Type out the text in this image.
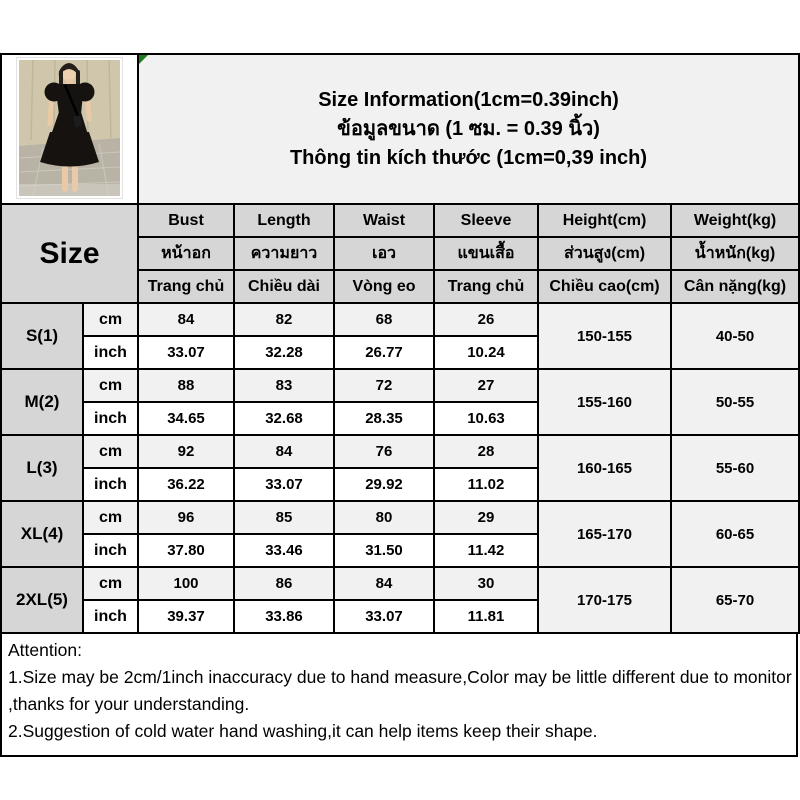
Size Information(1cm=0.39inch)
ข้อมูลขนาด (1 ซม. = 0.39 นิ้ว)
Thông tin kích thước (1cm=0,39 inch)					

Size		Bust	Length	Waist	Sleeve	Height(cm)	Weight(kg)
		หน้าอก	ความยาว	เอว	แขนเสื้อ	ส่วนสูง(cm)	น้ำหนัก(kg)
		Trang chủ	Chiều dài	Vòng eo	Trang chủ	Chiều cao(cm)	Cân nặng(kg)
S(1)	cm	84	82	68	26	150-155	40-50
	inch	33.07	32.28	26.77	10.24		
M(2)	cm	88	83	72	27	155-160	50-55
	inch	34.65	32.68	28.35	10.63		
L(3)	cm	92	84	76	28	160-165	55-60
	inch	36.22	33.07	29.92	11.02		
XL(4)	cm	96	85	80	29	165-170	60-65
	inch	37.80	33.46	31.50	11.42		
2XL(5)	cm	100	86	84	30	170-175	65-70
	inch	39.37	33.86	33.07	11.81		
Attention:
1.Size may be 2cm/1inch inaccuracy due to hand measure,Color may be little different due to monitor
,thanks for your understanding.
2.Suggestion of cold water hand washing,it can help items keep their shape.
